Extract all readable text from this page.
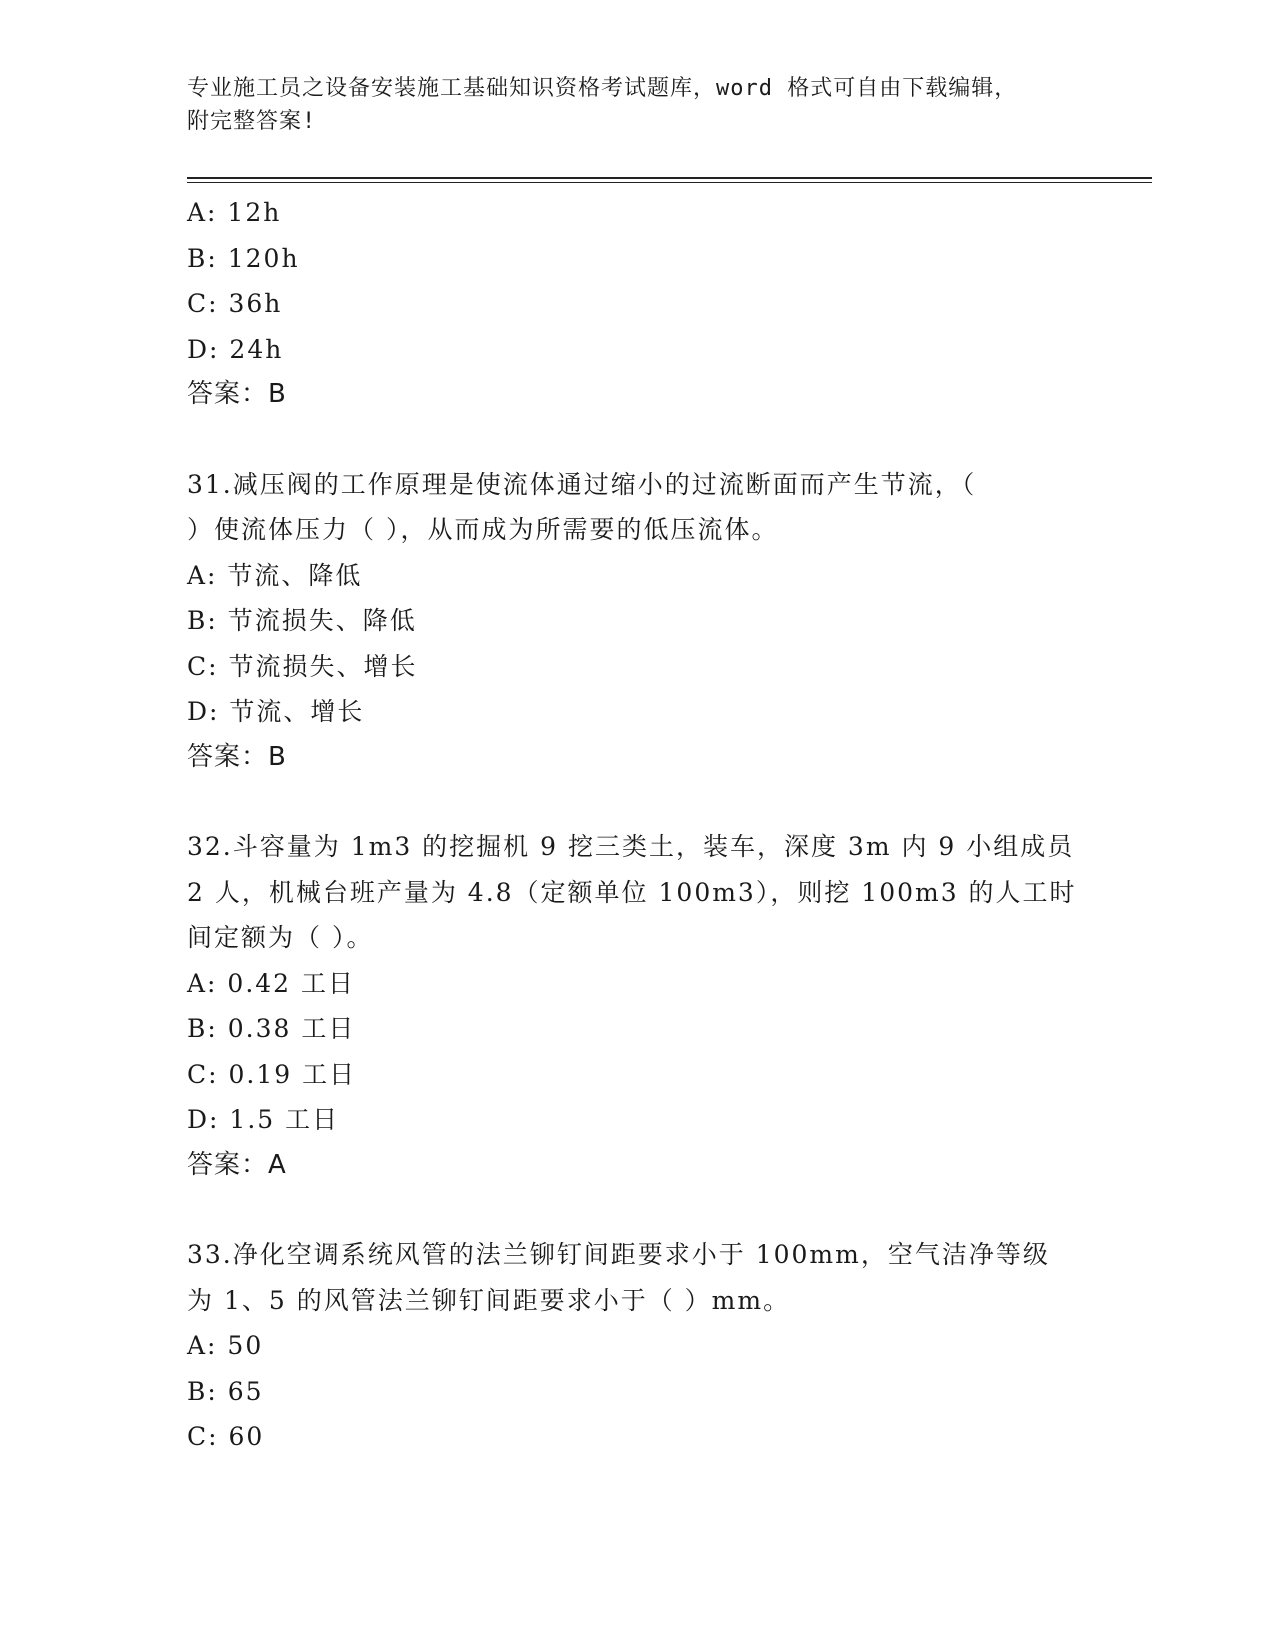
专业施工员之设备安装施工基础知识资格考试题库，word 格式可自由下载编辑，
附完整答案!
A: 12h
B: 120h
C: 36h
D: 24h
答案：B
31.减压阀的工作原理是使流体通过缩小的过流断面而产生节流，（
）使流体压力（ ），从而成为所需要的低压流体。
A: 节流、降低
B: 节流损失、降低
C: 节流损失、增长
D: 节流、增长
答案：B
32.斗容量为 1m3 的挖掘机 9 挖三类土，装车，深度 3m 内 9 小组成员
2 人，机械台班产量为 4.8（定额单位 100m3），则挖 100m3 的人工时
间定额为（ ）。
A: 0.42 工日
B: 0.38 工日
C: 0.19 工日
D: 1.5 工日
答案：A
33.净化空调系统风管的法兰铆钉间距要求小于 100mm，空气洁净等级
为 1、5 的风管法兰铆钉间距要求小于（ ）mm。
A: 50
B: 65
C: 60
